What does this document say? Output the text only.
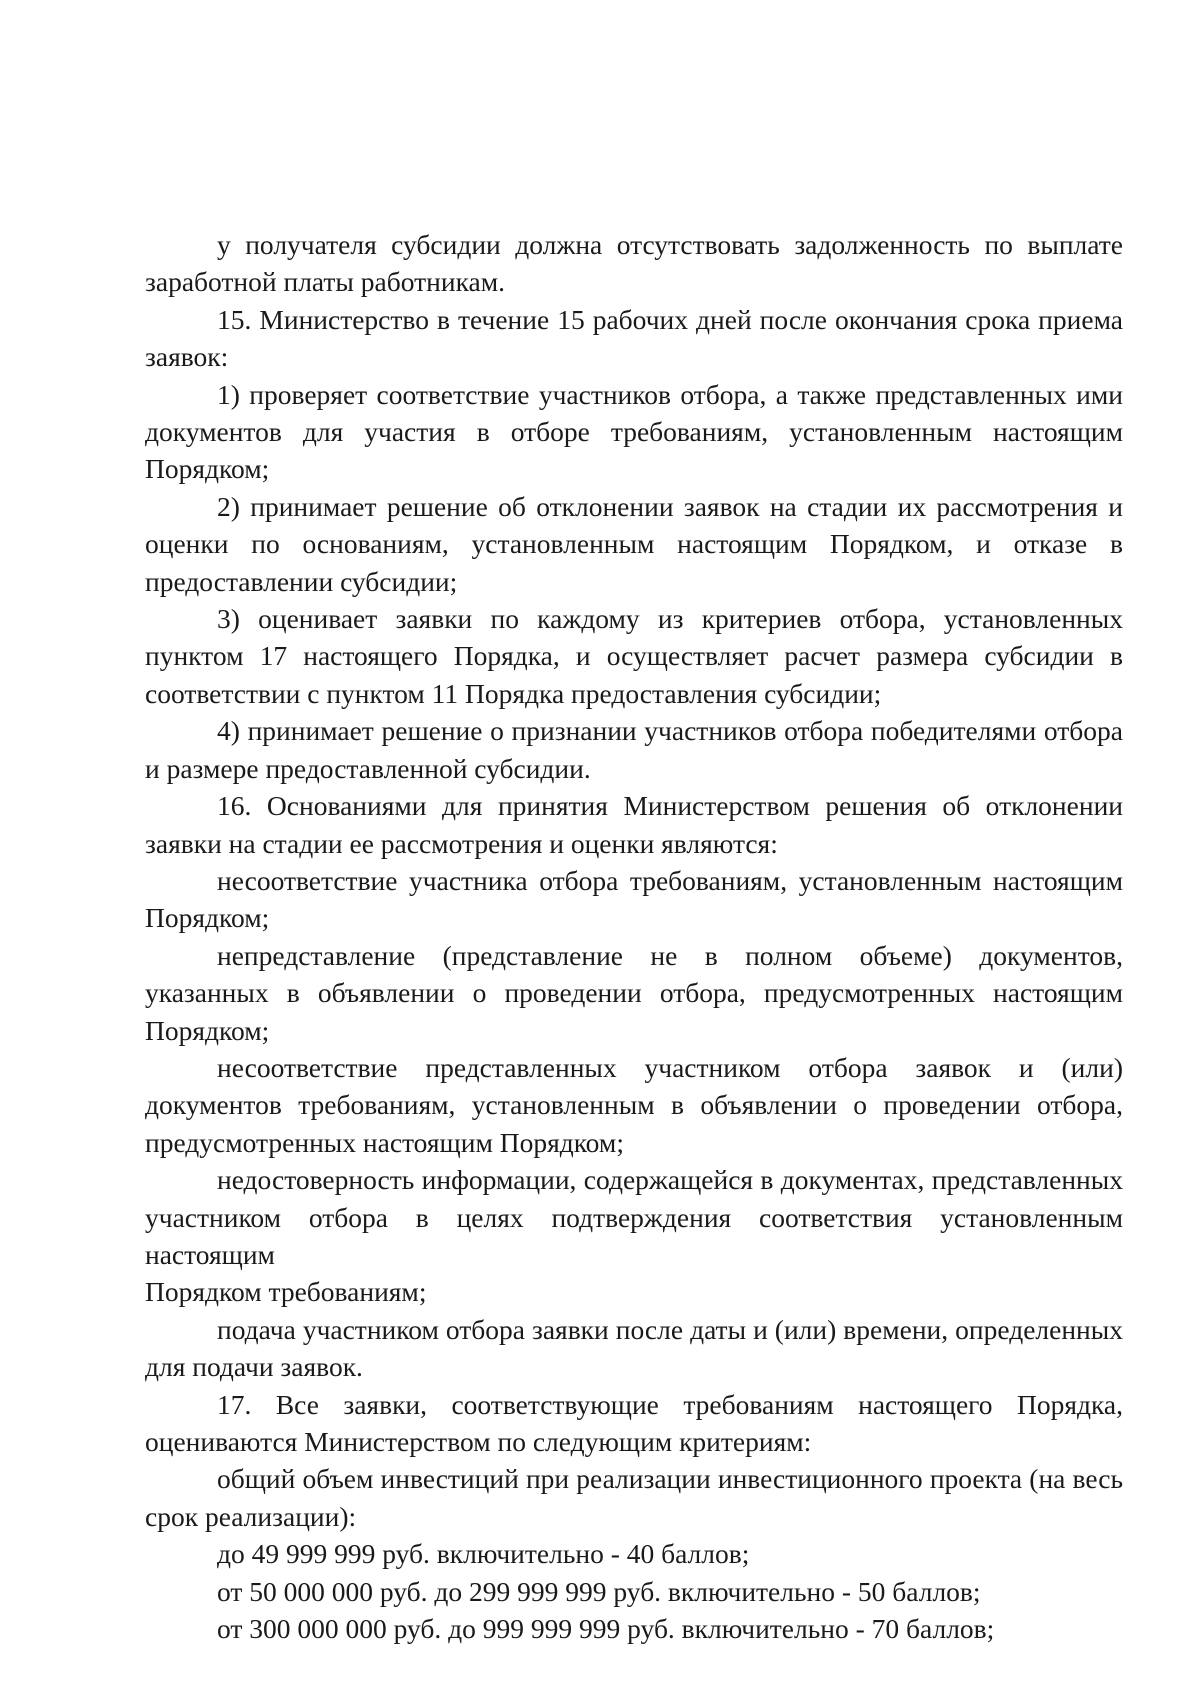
у получателя субсидии должна отсутствовать задолженность по выплате заработной платы работникам.

15. Министерство в течение 15 рабочих дней после окончания срока приема заявок:

1) проверяет соответствие участников отбора, а также представленных ими документов для участия в отборе требованиям, установленным настоящим Порядком;

2) принимает решение об отклонении заявок на стадии их рассмотрения и оценки по основаниям, установленным настоящим Порядком, и отказе в предоставлении субсидии;

3) оценивает заявки по каждому из критериев отбора, установленных пунктом 17 настоящего Порядка, и осуществляет расчет размера субсидии в соответствии с пунктом 11 Порядка предоставления субсидии;

4) принимает решение о признании участников отбора победителями отбора и размере предоставленной субсидии.

16. Основаниями для принятия Министерством решения об отклонении заявки на стадии ее рассмотрения и оценки являются:

несоответствие участника отбора требованиям, установленным настоящим Порядком;

непредставление (представление не в полном объеме) документов, указанных в объявлении о проведении отбора, предусмотренных настоящим Порядком;

несоответствие представленных участником отбора заявок и (или) документов требованиям, установленным в объявлении о проведении отбора, предусмотренных настоящим Порядком;

недостоверность информации, содержащейся в документах, представленных участником отбора в целях подтверждения соответствия установленным настоящим

Порядком требованиям;

подача участником отбора заявки после даты и (или) времени, определенных для подачи заявок.

17. Все заявки, соответствующие требованиям настоящего Порядка, оцениваются Министерством по следующим критериям:

общий объем инвестиций при реализации инвестиционного проекта (на весь срок реализации):

до 49 999 999 руб. включительно - 40 баллов;

от 50 000 000 руб. до 299 999 999 руб. включительно - 50 баллов;

от 300 000 000 руб. до 999 999 999 руб. включительно - 70 баллов;
